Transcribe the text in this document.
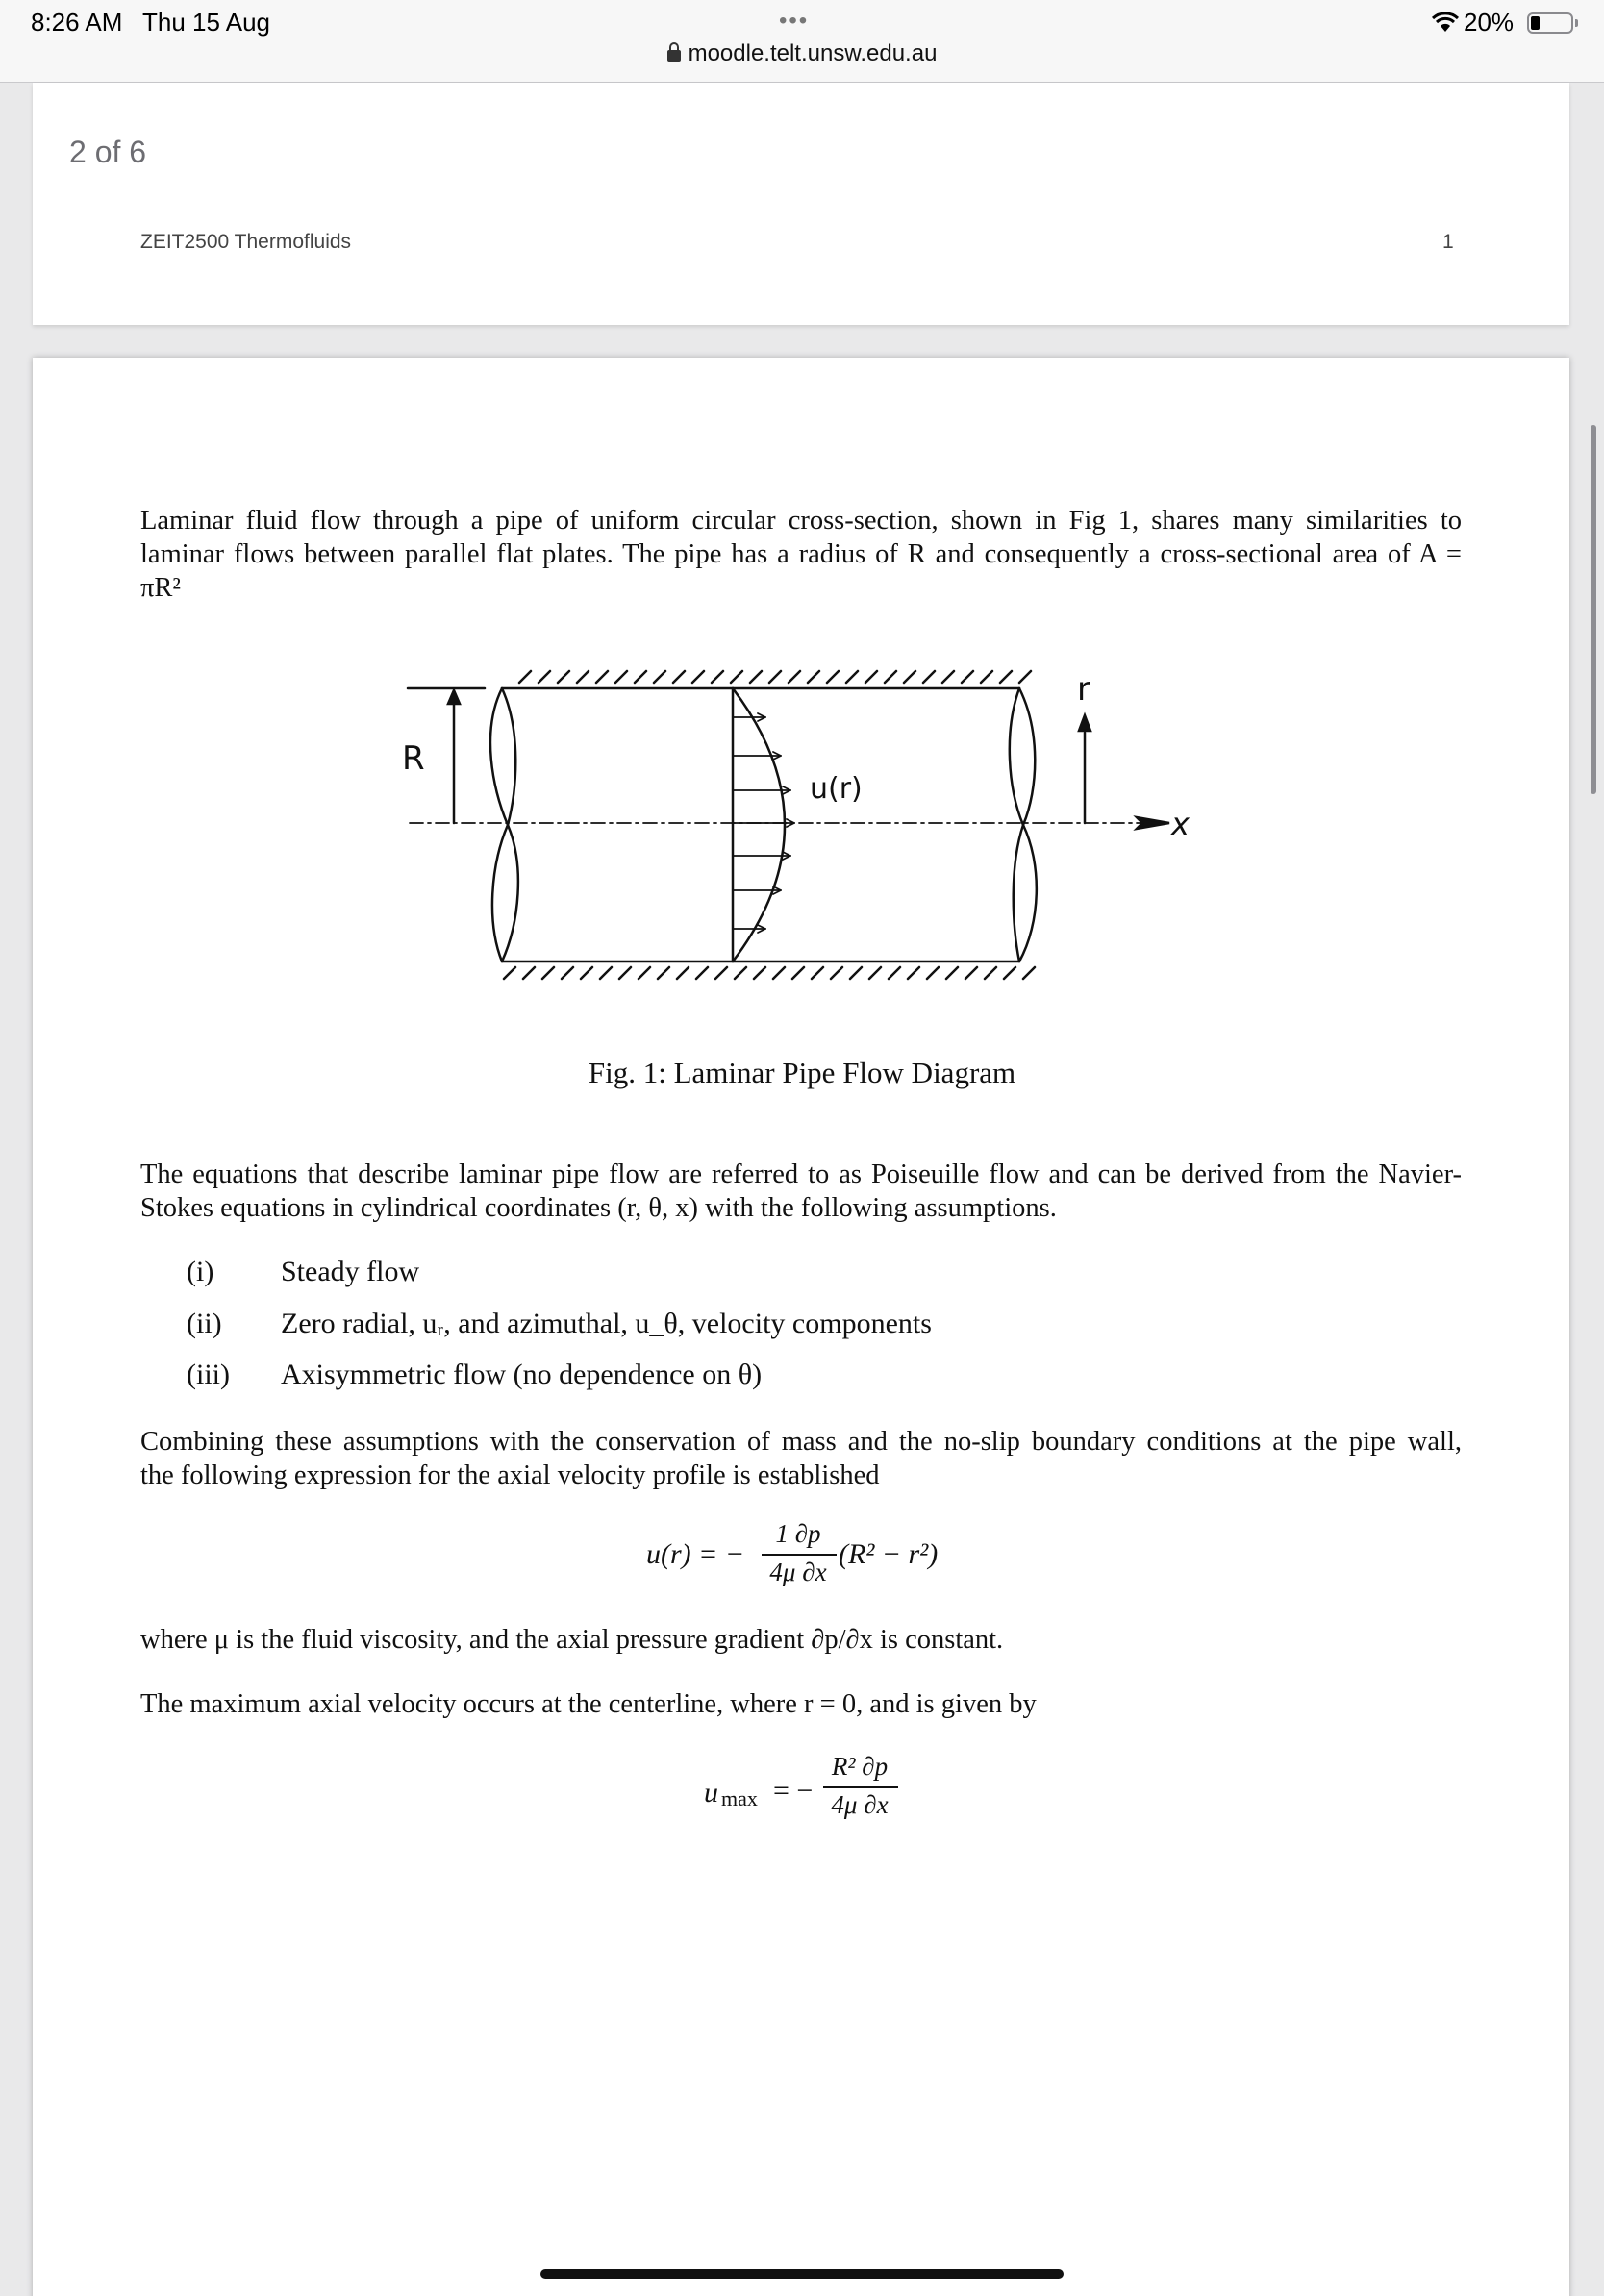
8:26 AM Thu 15 Aug	•••	20%
moodle.telt.unsw.edu.au
2 of 6
ZEIT2500 Thermofluids	1
Laminar fluid flow through a pipe of uniform circular cross-section, shown in Fig 1, shares many similarities to
laminar flows between parallel flat plates. The pipe has a radius of R and consequently a cross-sectional area of A =
πR²
R
r
u(r)
x
Fig. 1: Laminar Pipe Flow Diagram
The equations that describe laminar pipe flow are referred to as Poiseuille flow and can be derived from the Navier-
Stokes equations in cylindrical coordinates (r, θ, x) with the following assumptions.
(i) Steady flow
(ii) Zero radial, uᵣ, and azimuthal, u_θ, velocity components
(iii) Axisymmetric flow (no dependence on θ)
Combining these assumptions with the conservation of mass and the no-slip boundary conditions at the pipe wall,
the following expression for the axial velocity profile is established
u(r) = −
1 ∂p
4μ ∂x
(R² − r²)
where μ is the fluid viscosity, and the axial pressure gradient ∂p/∂x is constant.
The maximum axial velocity occurs at the centerline, where r = 0, and is given by
u max = −
R² ∂p
4μ ∂x
